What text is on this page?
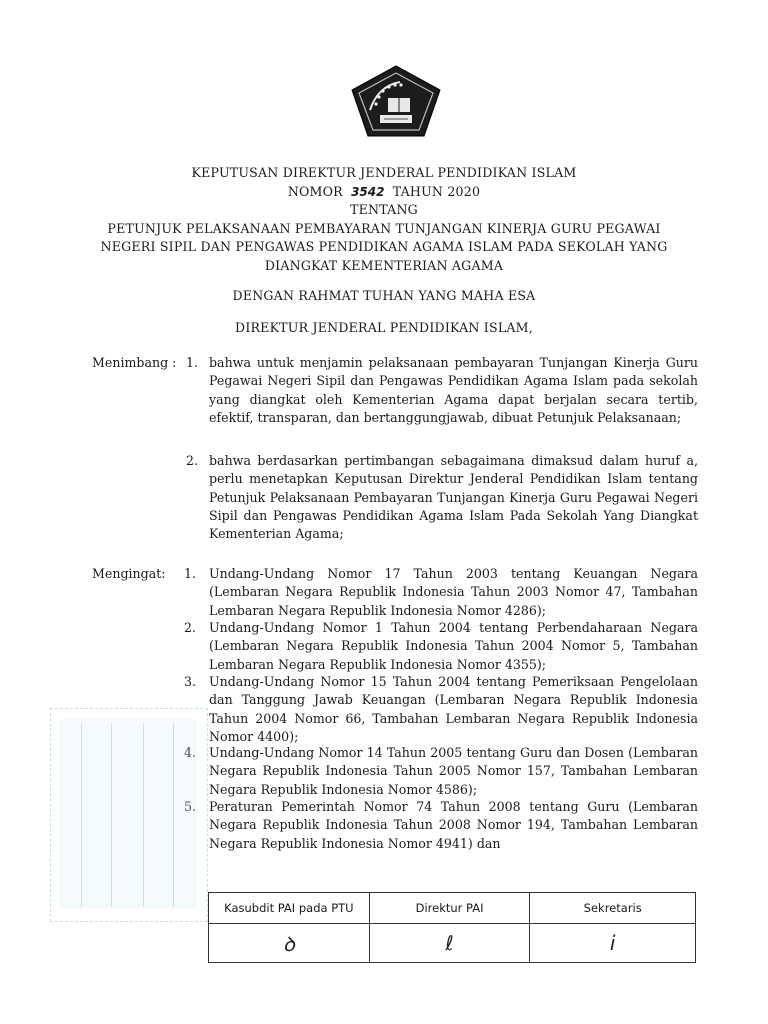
KEPUTUSAN DIREKTUR JENDERAL PENDIDIKAN ISLAM
NOMOR 3542 TAHUN 2020
TENTANG
PETUNJUK PELAKSANAAN PEMBAYARAN TUNJANGAN KINERJA GURU PEGAWAI
NEGERI SIPIL DAN PENGAWAS PENDIDIKAN AGAMA ISLAM PADA SEKOLAH YANG
DIANGKAT KEMENTERIAN AGAMA
DENGAN RAHMAT TUHAN YANG MAHA ESA
DIREKTUR JENDERAL PENDIDIKAN ISLAM,
Menimbang : 1. bahwa untuk menjamin pelaksanaan pembayaran Tunjangan Kinerja Guru Pegawai Negeri Sipil dan Pengawas Pendidikan Agama Islam pada sekolah yang diangkat oleh Kementerian Agama dapat berjalan secara tertib, efektif, transparan, dan bertanggungjawab, dibuat Petunjuk Pelaksanaan;
2. bahwa berdasarkan pertimbangan sebagaimana dimaksud dalam huruf a, perlu menetapkan Keputusan Direktur Jenderal Pendidikan Islam tentang Petunjuk Pelaksanaan Pembayaran Tunjangan Kinerja Guru Pegawai Negeri Sipil dan Pengawas Pendidikan Agama Islam Pada Sekolah Yang Diangkat Kementerian Agama;
Mengingat: 1.	Undang-Undang Nomor 17 Tahun 2003 tentang Keuangan Negara (Lembaran Negara Republik Indonesia Tahun 2003 Nomor 47, Tambahan Lembaran Negara Republik Indonesia Nomor 4286);
2.	Undang-Undang Nomor 1 Tahun 2004 tentang Perbendaharaan Negara (Lembaran Negara Republik Indonesia Tahun 2004 Nomor 5, Tambahan Lembaran Negara Republik Indonesia Nomor 4355);
3.	Undang-Undang Nomor 15 Tahun 2004 tentang Pemeriksaan Pengelolaan dan Tanggung Jawab Keuangan (Lembaran Negara Republik Indonesia Tahun 2004 Nomor 66, Tambahan Lembaran Negara Republik Indonesia Nomor 4400);
4.	Undang-Undang Nomor 14 Tahun 2005 tentang Guru dan Dosen (Lembaran Negara Republik Indonesia Tahun 2005 Nomor 157, Tambahan Lembaran Negara Republik Indonesia Nomor 4586);
5.	Peraturan Pemerintah Nomor 74 Tahun 2008 tentang Guru (Lembaran Negara Republik Indonesia Tahun 2008 Nomor 194, Tambahan Lembaran Negara Republik Indonesia Nomor 4941) dan
Kasubdit PAI pada PTU	Direktur PAI	Sekretaris
ꝺ	ℓ	i
